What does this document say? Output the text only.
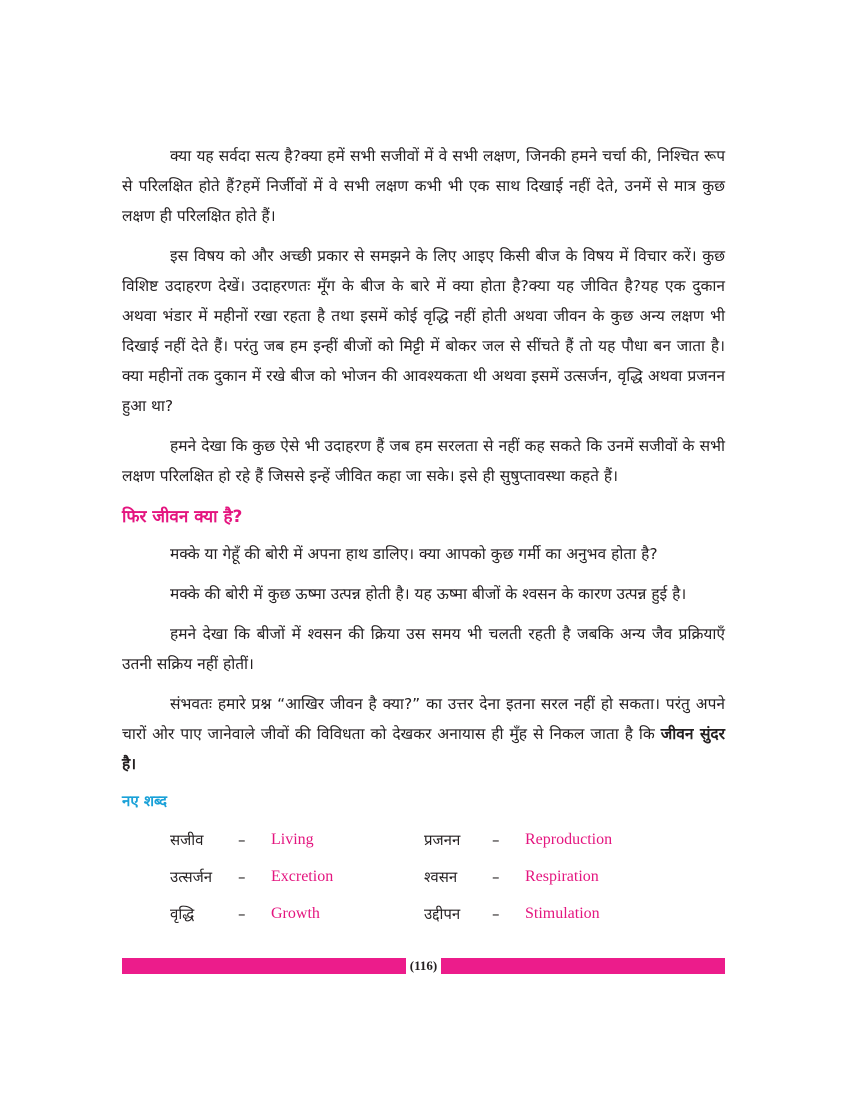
क्या यह सर्वदा सत्य है?क्या हमें सभी सजीवों में वे सभी लक्षण, जिनकी हमने चर्चा की, निश्चित रूप से परिलक्षित होते हैं?हमें निर्जीवों में वे सभी लक्षण कभी भी एक साथ दिखाई नहीं देते, उनमें से मात्र कुछ लक्षण ही परिलक्षित होते हैं।

इस विषय को और अच्छी प्रकार से समझने के लिए आइए किसी बीज के विषय में विचार करें। कुछ विशिष्ट उदाहरण देखें। उदाहरणतः मूँग के बीज के बारे में क्या होता है?क्या यह जीवित है?यह एक दुकान अथवा भंडार में महीनों रखा रहता है तथा इसमें कोई वृद्धि नहीं होती अथवा जीवन के कुछ अन्य लक्षण भी दिखाई नहीं देते हैं। परंतु जब हम इन्हीं बीजों को मिट्टी में बोकर जल से सींचते हैं तो यह पौधा बन जाता है। क्या महीनों तक दुकान में रखे बीज को भोजन की आवश्यकता थी अथवा इसमें उत्सर्जन, वृद्धि अथवा प्रजनन हुआ था?

हमने देखा कि कुछ ऐसे भी उदाहरण हैं जब हम सरलता से नहीं कह सकते कि उनमें सजीवों के सभी लक्षण परिलक्षित हो रहे हैं जिससे इन्हें जीवित कहा जा सके। इसे ही सुषुप्तावस्था कहते हैं।

फिर जीवन क्या है?

मक्के या गेहूँ की बोरी में अपना हाथ डालिए। क्या आपको कुछ गर्मी का अनुभव होता है?

मक्के की बोरी में कुछ ऊष्मा उत्पन्न होती है। यह ऊष्मा बीजों के श्वसन के कारण उत्पन्न हुई है।

हमने देखा कि बीजों में श्वसन की क्रिया उस समय भी चलती रहती है जबकि अन्य जैव प्रक्रियाएँ उतनी सक्रिय नहीं होतीं।

संभवतः हमारे प्रश्न “आखिर जीवन है क्या?” का उत्तर देना इतना सरल नहीं हो सकता। परंतु अपने चारों ओर पाए जानेवाले जीवों की विविधता को देखकर अनायास ही मुँह से निकल जाता है कि जीवन सुंदर है।

नए शब्द
सजीव	–	Living	प्रजनन	–	Reproduction
उत्सर्जन	–	Excretion	श्वसन	–	Respiration
वृद्धि	–	Growth	उद्दीपन	–	Stimulation
(116)
